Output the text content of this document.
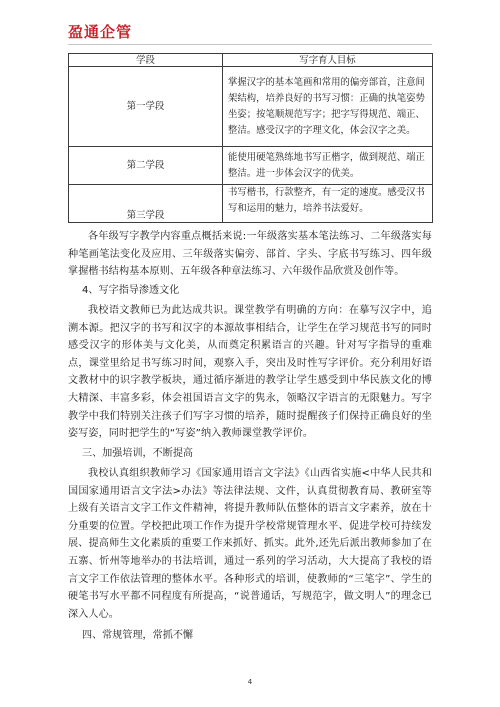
盈通企管
学段	写字育人目标
第一学段	掌握汉字的基本笔画和常用的偏旁部首，注意间架结构，培养良好的书写习惯：正确的执笔姿势坐姿；按笔顺规范写字；把字写得规范、端正、整洁。感受汉字的字理文化，体会汉字之美。
第二学段	能使用硬笔熟练地书写正楷字，做到规范、端正整洁。进一步体会汉字的优美。
第三学段	书写楷书，行款整齐，有一定的速度。感受汉书写和运用的魅力，培养书法爱好。

各年级写字教学内容重点概括来说:一年级落实基本笔法练习、二年级落实每种笔画笔法变化及应用、三年级落实偏旁、部首、字头、字底书写练习、四年级掌握楷书结构基本原则、五年级各种章法练习、六年级作品欣赏及创作等。

4、写字指导渗透文化

我校语文教师已为此达成共识。课堂教学有明确的方向：在摹写汉字中，追溯本源。把汉字的书写和汉字的本源故事相结合，让学生在学习规范书写的同时感受汉字的形体美与文化美，从而奠定积累语言的兴趣。针对写字指导的重难点，课堂里给足书写练习时间，观察入手，突出及时性写字评价。充分利用好语文教材中的识字教学板块，通过循序渐进的教学让学生感受到中华民族文化的博大精深、丰富多彩，体会祖国语言文字的隽永，领略汉字语言的无限魅力。写字教学中我们特别关注孩子们写字习惯的培养，随时提醒孩子们保持正确良好的坐姿写姿，同时把学生的“写姿”纳入教师课堂教学评价。

三、加强培训，不断提高

我校认真组织教师学习《国家通用语言文字法》《山西省实施<中华人民共和国国家通用语言文字法>办法》等法律法规、文件，认真贯彻教育局、教研室等上级有关语言文字工作文件精神，将提升教师队伍整体的语言文字素养，放在十分重要的位置。学校把此项工作作为提升学校常规管理水平、促进学校可持续发展、提高师生文化素质的重要工作来抓好、抓实。此外,还先后派出教师参加了在五寨、忻州等地举办的书法培训，通过一系列的学习活动，大大提高了我校的语言文字工作依法管理的整体水平。各种形式的培训，使教师的“三笔字”、学生的硬笔书写水平都不同程度有所提高，“说普通话，写规范字，做文明人”的理念已深入人心。

四、常规管理，常抓不懈
4
